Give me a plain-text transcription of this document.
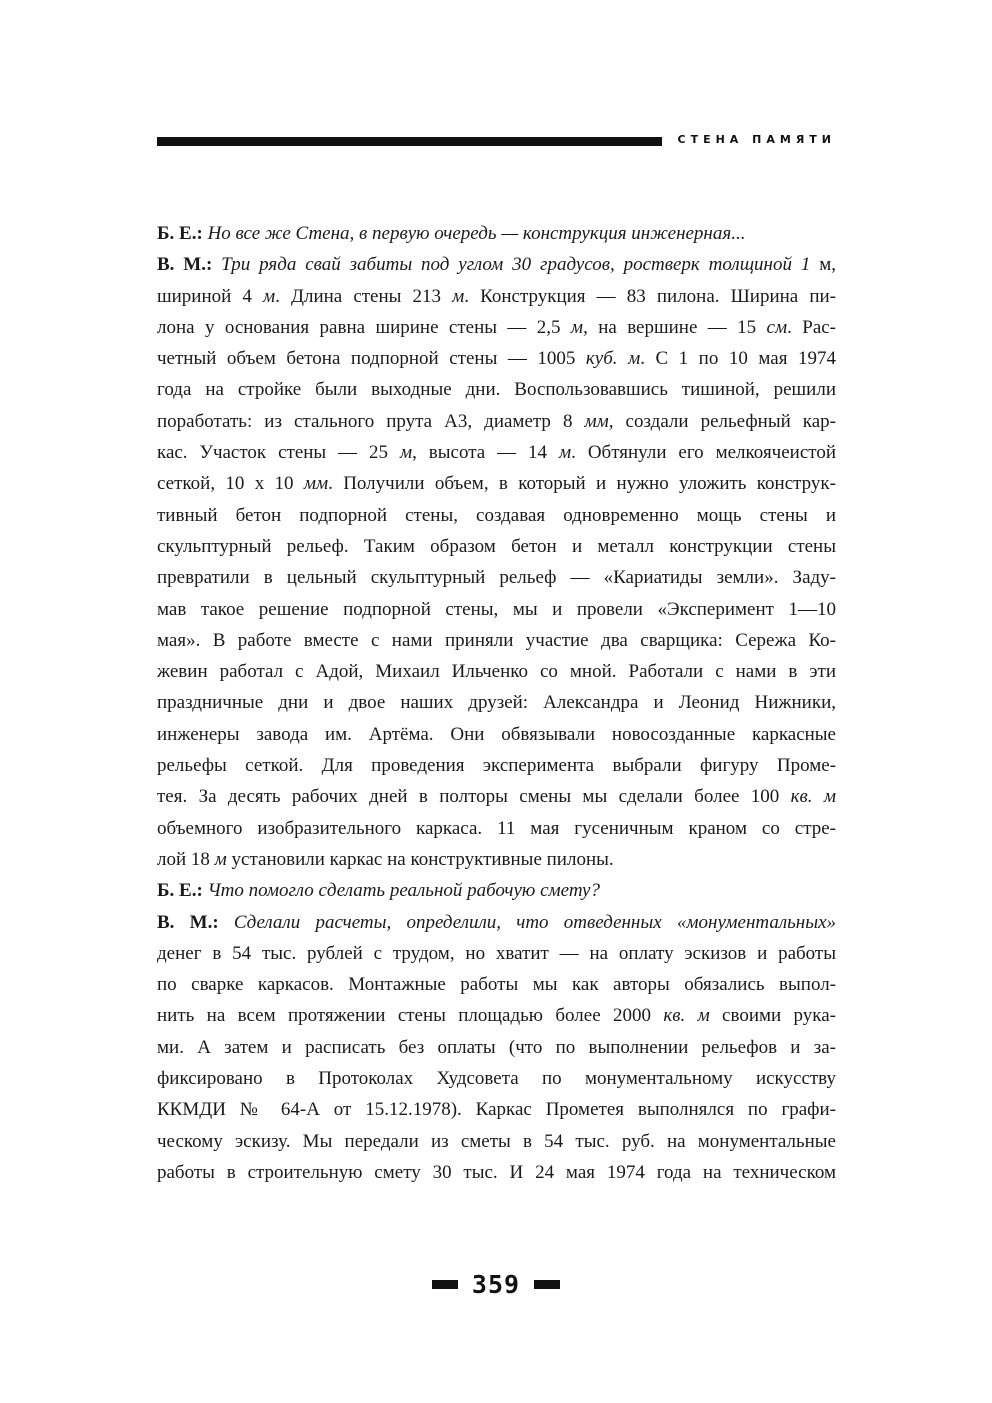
СТЕНА ПАМЯТИ
Б. Е.: Но все же Стена, в первую очередь — конструкция инженерная...
В. М.: Три ряда свай забиты под углом 30 градусов, ростверк толщиной 1 м,
шириной 4 м. Длина стены 213 м. Конструкция — 83 пилона. Ширина пи-
лона у основания равна ширине стены — 2,5 м, на вершине — 15 см. Рас-
четный объем бетона подпорной стены — 1005 куб. м. С 1 по 10 мая 1974
года на стройке были выходные дни. Воспользовавшись тишиной, решили
поработать: из стального прута А3, диаметр 8 мм, создали рельефный кар-
кас. Участок стены — 25 м, высота — 14 м. Обтянули его мелкоячеистой
сеткой, 10 х 10 мм. Получили объем, в который и нужно уложить конструк-
тивный бетон подпорной стены, создавая одновременно мощь стены и
скульптурный рельеф. Таким образом бетон и металл конструкции стены
превратили в цельный скульптурный рельеф — «Кариатиды земли». Заду-
мав такое решение подпорной стены, мы и провели «Эксперимент 1—10
мая». В работе вместе с нами приняли участие два сварщика: Сережа Ко-
жевин работал с Адой, Михаил Ильченко со мной. Работали с нами в эти
праздничные дни и двое наших друзей: Александра и Леонид Нижники,
инженеры завода им. Артёма. Они обвязывали новосозданные каркасные
рельефы сеткой. Для проведения эксперимента выбрали фигуру Проме-
тея. За десять рабочих дней в полторы смены мы сделали более 100 кв. м
объемного изобразительного каркаса. 11 мая гусеничным краном со стре-
лой 18 м установили каркас на конструктивные пилоны.
Б. Е.: Что помогло сделать реальной рабочую смету?
В. М.: Сделали расчеты, определили, что отведенных «монументальных»
денег в 54 тыс. рублей с трудом, но хватит — на оплату эскизов и работы
по сварке каркасов. Монтажные работы мы как авторы обязались выпол-
нить на всем протяжении стены площадью более 2000 кв. м своими рука-
ми. А затем и расписать без оплаты (что по выполнении рельефов и за-
фиксировано в Протоколах Худсовета по монументальному искусству
ККМДИ № 64-А от 15.12.1978). Каркас Прометея выполнялся по графи-
ческому эскизу. Мы передали из сметы в 54 тыс. руб. на монументальные
работы в строительную смету 30 тыс. И 24 мая 1974 года на техническом
359
